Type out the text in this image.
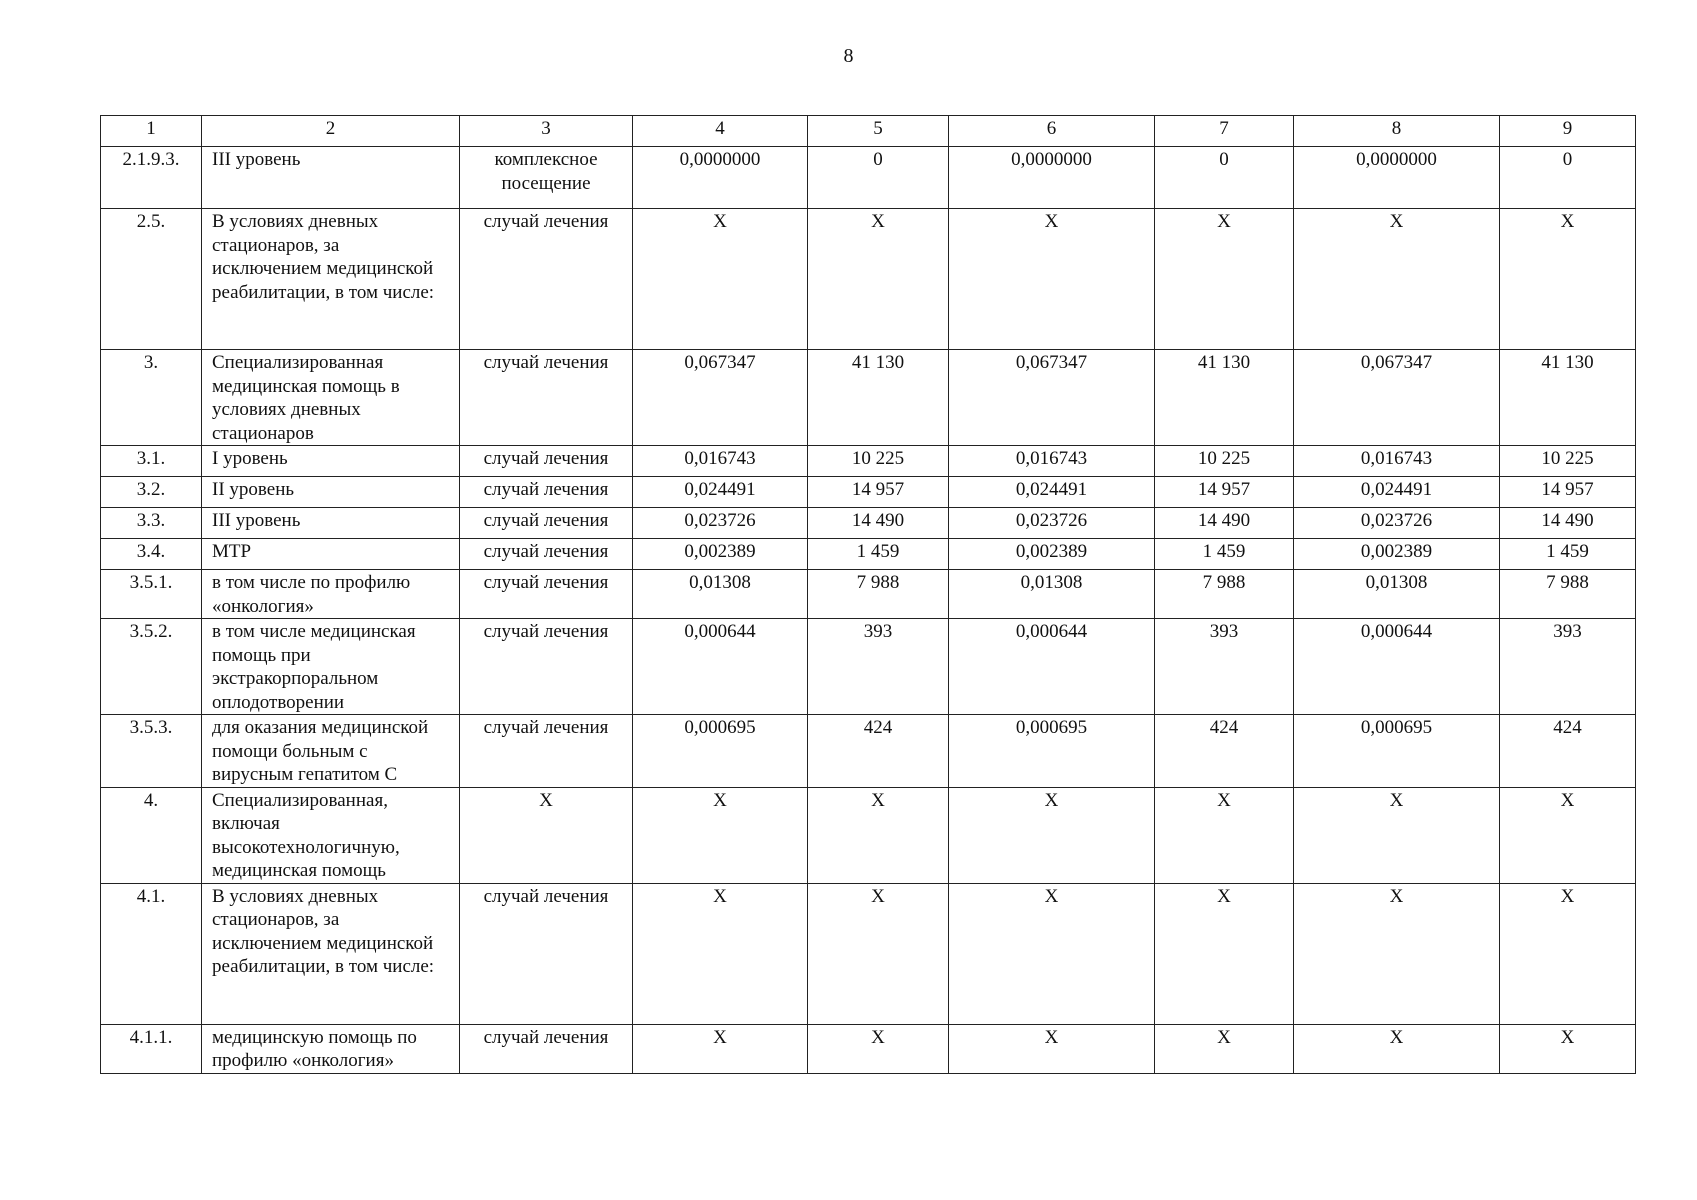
8
1	2	3	4	5	6	7	8	9
2.1.9.3.	III уровень	комплексное посещение	0,0000000	0	0,0000000	0	0,0000000	0
2.5.	В условиях дневных стационаров, за исключением медицинской реабилитации, в том числе:	случай лечения	X	X	X	X	X	X
3.	Специализированная медицинская помощь в условиях дневных стационаров	случай лечения	0,067347	41 130	0,067347	41 130	0,067347	41 130
3.1.	I уровень	случай лечения	0,016743	10 225	0,016743	10 225	0,016743	10 225
3.2.	II уровень	случай лечения	0,024491	14 957	0,024491	14 957	0,024491	14 957
3.3.	III уровень	случай лечения	0,023726	14 490	0,023726	14 490	0,023726	14 490
3.4.	МТР	случай лечения	0,002389	1 459	0,002389	1 459	0,002389	1 459
3.5.1.	в том числе по профилю «онкология»	случай лечения	0,01308	7 988	0,01308	7 988	0,01308	7 988
3.5.2.	в том числе медицинская помощь при экстракорпоральном оплодотворении	случай лечения	0,000644	393	0,000644	393	0,000644	393
3.5.3.	для оказания медицинской помощи больным с вирусным гепатитом С	случай лечения	0,000695	424	0,000695	424	0,000695	424
4.	Специализированная, включая высокотехнологичную, медицинская помощь	X	X	X	X	X	X	X
4.1.	В условиях дневных стационаров, за исключением медицинской реабилитации, в том числе:	случай лечения	X	X	X	X	X	X
4.1.1.	медицинскую помощь по профилю «онкология»	случай лечения	X	X	X	X	X	X
